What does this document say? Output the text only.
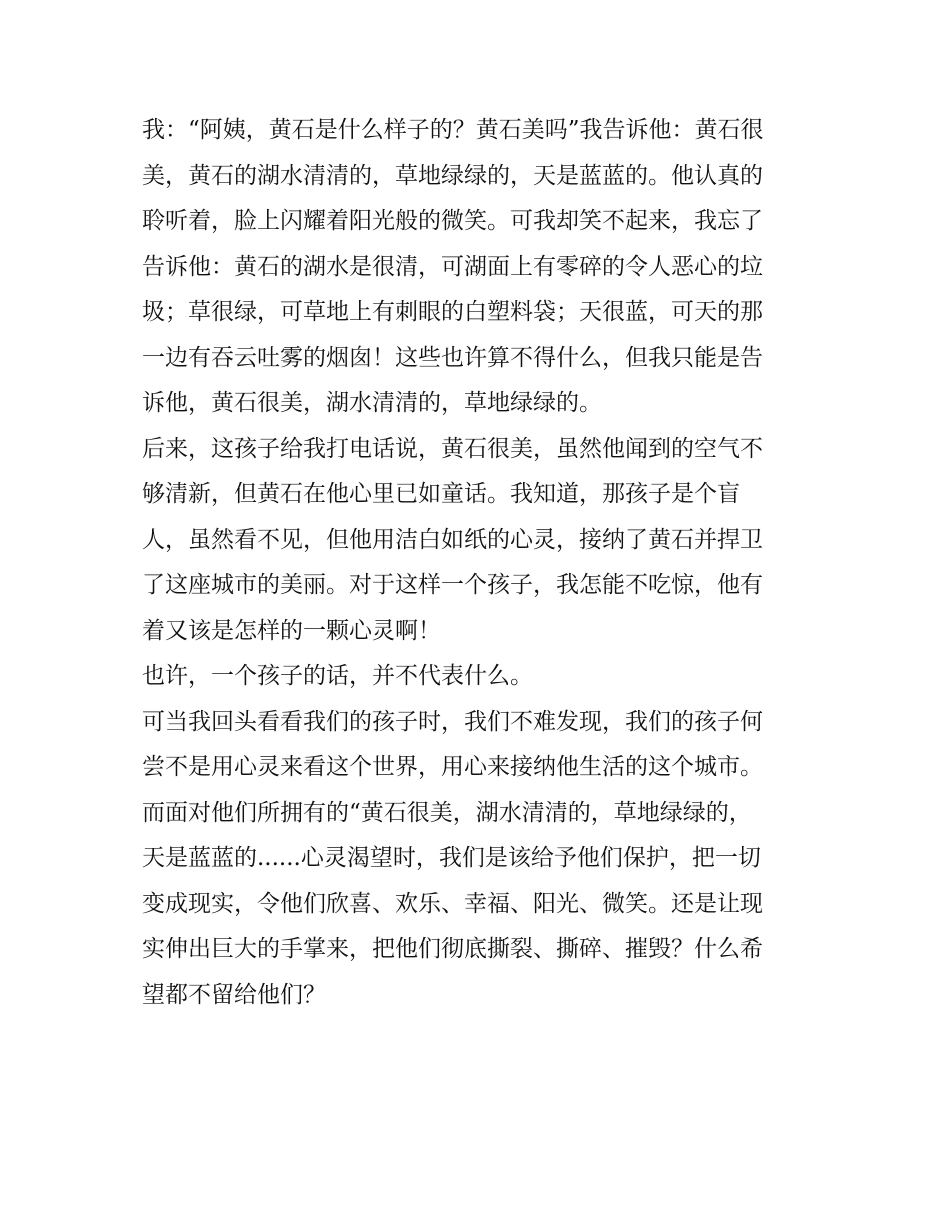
我：“阿姨，黄石是什么样子的？黄石美吗”我告诉他：黄石很
美，黄石的湖水清清的，草地绿绿的，天是蓝蓝的。他认真的
聆听着，脸上闪耀着阳光般的微笑。可我却笑不起来，我忘了
告诉他：黄石的湖水是很清，可湖面上有零碎的令人恶心的垃
圾；草很绿，可草地上有刺眼的白塑料袋；天很蓝，可天的那
一边有吞云吐雾的烟囱！这些也许算不得什么，但我只能是告
诉他，黄石很美，湖水清清的，草地绿绿的。
后来，这孩子给我打电话说，黄石很美，虽然他闻到的空气不
够清新，但黄石在他心里已如童话。我知道，那孩子是个盲
人，虽然看不见，但他用洁白如纸的心灵，接纳了黄石并捍卫
了这座城市的美丽。对于这样一个孩子，我怎能不吃惊，他有
着又该是怎样的一颗心灵啊！
也许，一个孩子的话，并不代表什么。
可当我回头看看我们的孩子时，我们不难发现，我们的孩子何
尝不是用心灵来看这个世界，用心来接纳他生活的这个城市。
而面对他们所拥有的“黄石很美，湖水清清的，草地绿绿的，
天是蓝蓝的......心灵渴望时，我们是该给予他们保护，把一切
变成现实，令他们欣喜、欢乐、幸福、阳光、微笑。还是让现
实伸出巨大的手掌来，把他们彻底撕裂、撕碎、摧毁？什么希
望都不留给他们？
